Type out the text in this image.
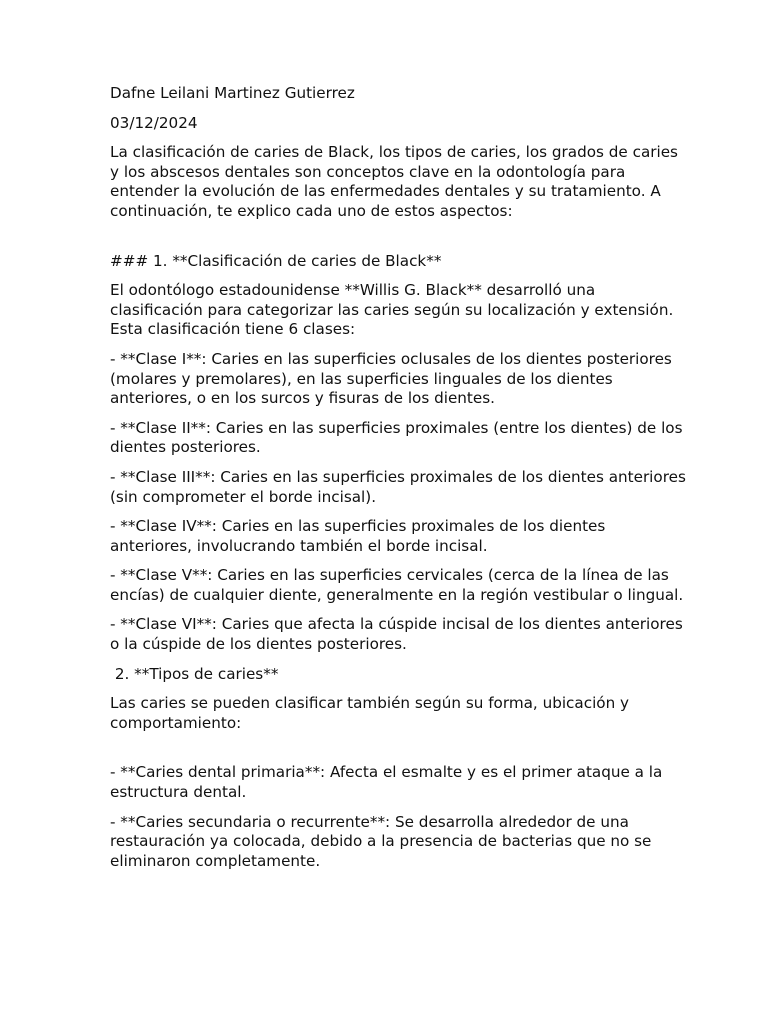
Dafne Leilani Martinez Gutierrez

03/12/2024

La clasificación de caries de Black, los tipos de caries, los grados de caries y los abscesos dentales son conceptos clave en la odontología para entender la evolución de las enfermedades dentales y su tratamiento. A continuación, te explico cada uno de estos aspectos:

### 1. **Clasificación de caries de Black**

El odontólogo estadounidense **Willis G. Black** desarrolló una clasificación para categorizar las caries según su localización y extensión. Esta clasificación tiene 6 clases:

- **Clase I**: Caries en las superficies oclusales de los dientes posteriores (molares y premolares), en las superficies linguales de los dientes anteriores, o en los surcos y fisuras de los dientes.

- **Clase II**: Caries en las superficies proximales (entre los dientes) de los dientes posteriores.

- **Clase III**: Caries en las superficies proximales de los dientes anteriores (sin comprometer el borde incisal).

- **Clase IV**: Caries en las superficies proximales de los dientes anteriores, involucrando también el borde incisal.

- **Clase V**: Caries en las superficies cervicales (cerca de la línea de las encías) de cualquier diente, generalmente en la región vestibular o lingual.

- **Clase VI**: Caries que afecta la cúspide incisal de los dientes anteriores o la cúspide de los dientes posteriores.

2. **Tipos de caries**

Las caries se pueden clasificar también según su forma, ubicación y comportamiento:

- **Caries dental primaria**: Afecta el esmalte y es el primer ataque a la estructura dental.

- **Caries secundaria o recurrente**: Se desarrolla alrededor de una restauración ya colocada, debido a la presencia de bacterias que no se eliminaron completamente.
